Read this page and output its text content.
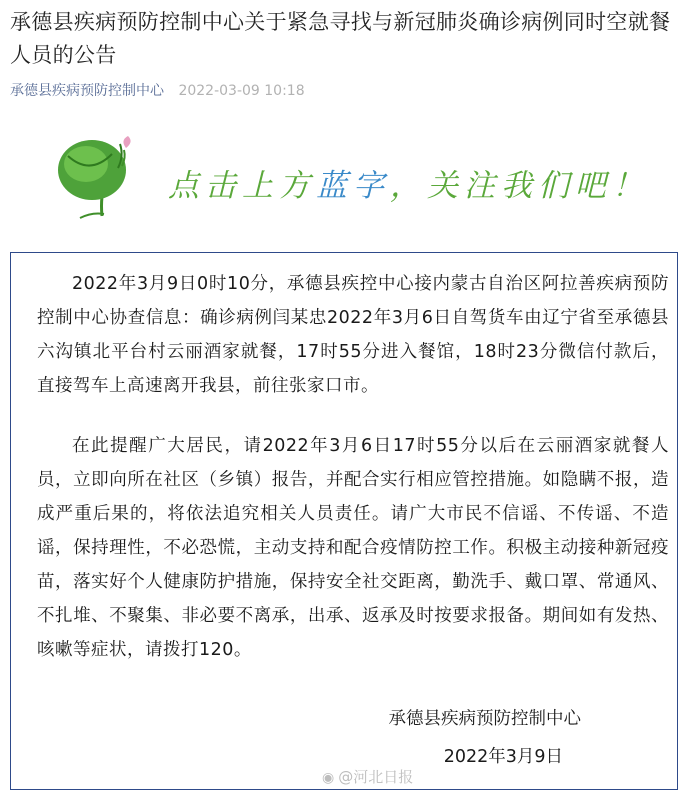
承德县疾病预防控制中心关于紧急寻找与新冠肺炎确诊病例同时空就餐人员的公告
承德县疾病预防控制中心 2022-03-09 10:18
点击上方蓝字，关注我们吧！

2022年3月9日0时10分，承德县疾控中心接内蒙古自治区阿拉善疾病预防控制中心协查信息：确诊病例闫某忠2022年3月6日自驾货车由辽宁省至承德县六沟镇北平台村云丽酒家就餐，17时55分进入餐馆，18时23分微信付款后，直接驾车上高速离开我县，前往张家口市。

在此提醒广大居民，请2022年3月6日17时55分以后在云丽酒家就餐人员，立即向所在社区（乡镇）报告，并配合实行相应管控措施。如隐瞒不报，造成严重后果的，将依法追究相关人员责任。请广大市民不信谣、不传谣、不造谣，保持理性，不必恐慌，主动支持和配合疫情防控工作。积极主动接种新冠疫苗，落实好个人健康防护措施，保持安全社交距离，勤洗手、戴口罩、常通风、不扎堆、不聚集、非必要不离承，出承、返承及时按要求报备。期间如有发热、咳嗽等症状，请拨打120。

承德县疾病预防控制中心
2022年3月9日
◉ @河北日报
